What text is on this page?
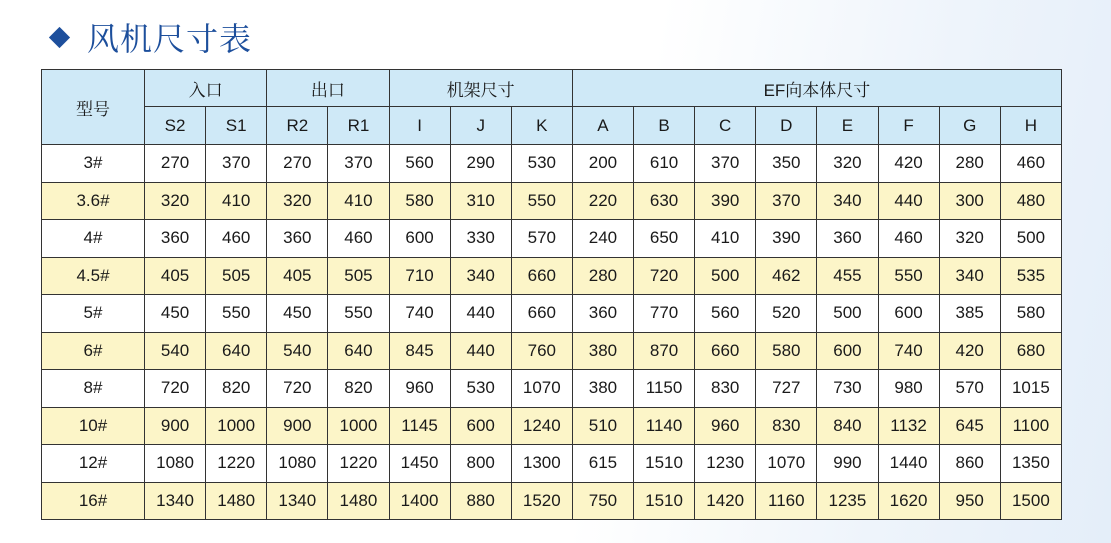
风机尺寸表
型号	入口		出口		机架尺寸			EF向本体尺寸							
	S2	S1	R2	R1	I	J	K	A	B	C	D	E	F	G	H
3#	270	370	270	370	560	290	530	200	610	370	350	320	420	280	460
3.6#	320	410	320	410	580	310	550	220	630	390	370	340	440	300	480
4#	360	460	360	460	600	330	570	240	650	410	390	360	460	320	500
4.5#	405	505	405	505	710	340	660	280	720	500	462	455	550	340	535
5#	450	550	450	550	740	440	660	360	770	560	520	500	600	385	580
6#	540	640	540	640	845	440	760	380	870	660	580	600	740	420	680
8#	720	820	720	820	960	530	1070	380	1150	830	727	730	980	570	1015
10#	900	1000	900	1000	1145	600	1240	510	1140	960	830	840	1132	645	1100
12#	1080	1220	1080	1220	1450	800	1300	615	1510	1230	1070	990	1440	860	1350
16#	1340	1480	1340	1480	1400	880	1520	750	1510	1420	1160	1235	1620	950	1500
